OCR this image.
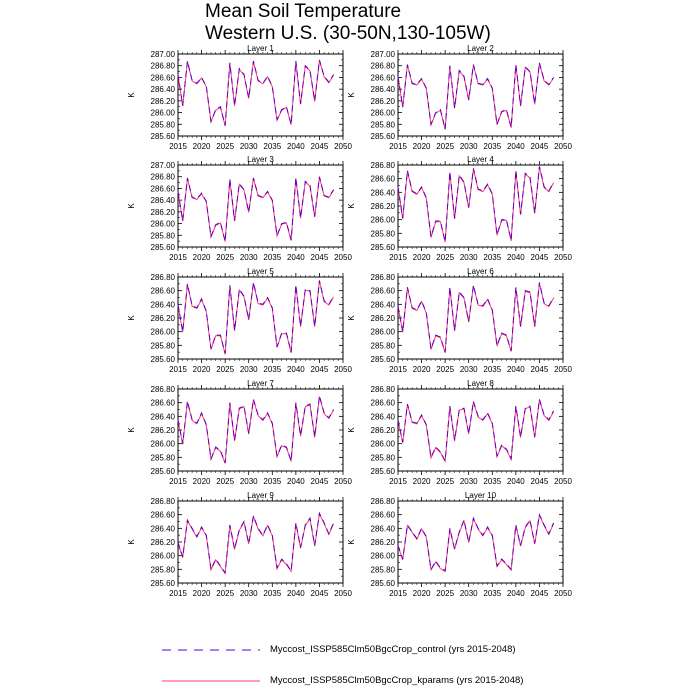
Mean Soil Temperature
Western U.S. (30-50N,130-105W)
Layer 1
K
285.60
285.80
286.00
286.20
286.40
286.60
286.80
287.00
2015 2020 2025 2030 2035 2040 2045 2050
Layer 2
K
285.60
285.80
286.00
286.20
286.40
286.60
286.80
287.00
2015 2020 2025 2030 2035 2040 2045 2050
Layer 3
K
285.60
285.80
286.00
286.20
286.40
286.60
286.80
287.00
2015 2020 2025 2030 2035 2040 2045 2050
Layer 4
K
285.60
285.80
286.00
286.20
286.40
286.60
286.80
2015 2020 2025 2030 2035 2040 2045 2050
Layer 5
K
285.60
285.80
286.00
286.20
286.40
286.60
286.80
2015 2020 2025 2030 2035 2040 2045 2050
Layer 6
K
285.60
285.80
286.00
286.20
286.40
286.60
286.80
2015 2020 2025 2030 2035 2040 2045 2050
Layer 7
K
285.60
285.80
286.00
286.20
286.40
286.60
286.80
2015 2020 2025 2030 2035 2040 2045 2050
Layer 8
K
285.60
285.80
286.00
286.20
286.40
286.60
286.80
2015 2020 2025 2030 2035 2040 2045 2050
Layer 9
K
285.60
285.80
286.00
286.20
286.40
286.60
286.80
2015 2020 2025 2030 2035 2040 2045 2050
Layer 10
K
285.60
285.80
286.00
286.20
286.40
286.60
286.80
2015 2020 2025 2030 2035 2040 2045 2050
Myccost_ISSP585Clm50BgcCrop_control (yrs 2015-2048)
Myccost_ISSP585Clm50BgcCrop_kparams (yrs 2015-2048)
